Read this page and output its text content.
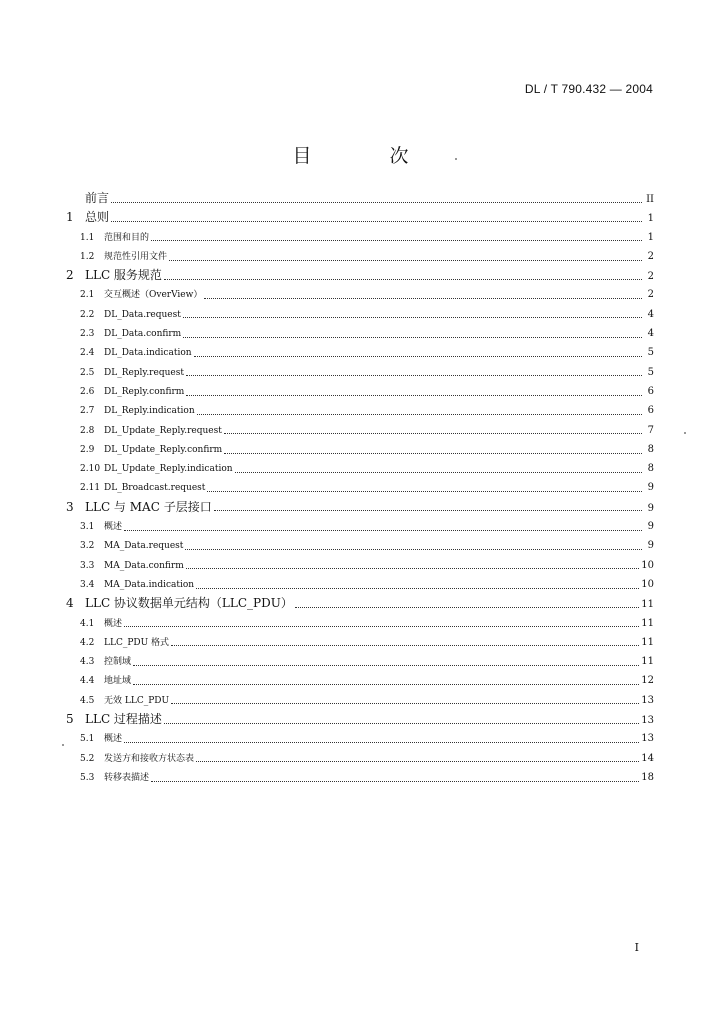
DL / T 790.432 — 2004
目 次
前言	II
1 总则	1
1.1	范围和目的	1
1.2	规范性引用文件	2
2 LLC 服务规范	2
2.1	交互概述（OverView）	2
2.2	DL_Data.request	4
2.3	DL_Data.confirm	4
2.4	DL_Data.indication	5
2.5	DL_Reply.request	5
2.6	DL_Reply.confirm	6
2.7	DL_Reply.indication	6
2.8	DL_Update_Reply.request	7
2.9	DL_Update_Reply.confirm	8
2.10 DL_Update_Reply.indication	8
2.11 DL_Broadcast.request	9
3 LLC 与 MAC 子层接口	9
3.1	概述	9
3.2	MA_Data.request	9
3.3	MA_Data.confirm	10
3.4	MA_Data.indication	10
4 LLC 协议数据单元结构（LLC_PDU）	11
4.1	概述	11
4.2	LLC_PDU 格式	11
4.3	控制域	11
4.4	地址域	12
4.5	无效 LLC_PDU	13
5 LLC 过程描述	13
5.1	概述	13
5.2	发送方和接收方状态表	14
5.3	转移表描述	18
I
